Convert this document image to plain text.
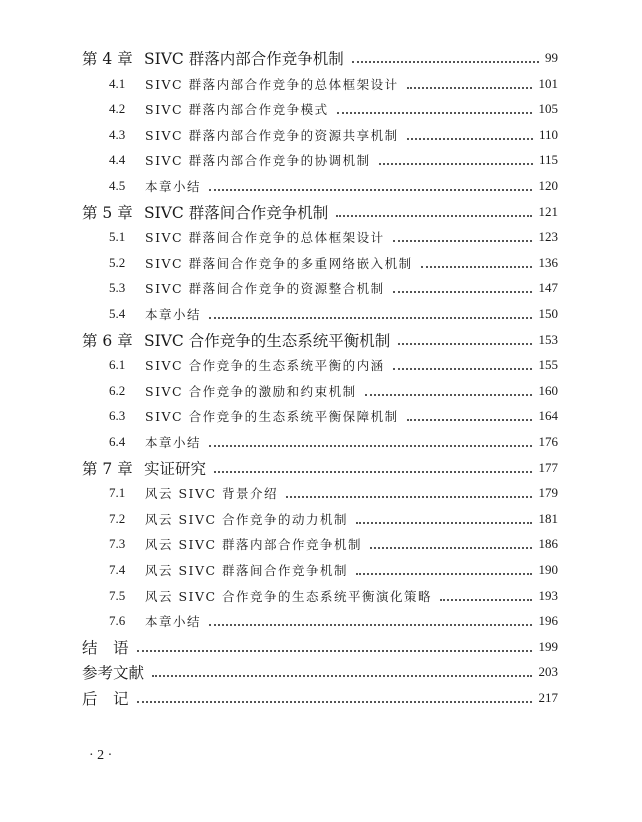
第 4 章 SIVC 群落内部合作竞争机制	99
4.1 SIVC 群落内部合作竞争的总体框架设计	101
4.2 SIVC 群落内部合作竞争模式	105
4.3 SIVC 群落内部合作竞争的资源共享机制	110
4.4 SIVC 群落内部合作竞争的协调机制	115
4.5 本章小结	120
第 5 章 SIVC 群落间合作竞争机制	121
5.1 SIVC 群落间合作竞争的总体框架设计	123
5.2 SIVC 群落间合作竞争的多重网络嵌入机制	136
5.3 SIVC 群落间合作竞争的资源整合机制	147
5.4 本章小结	150
第 6 章 SIVC 合作竞争的生态系统平衡机制	153
6.1 SIVC 合作竞争的生态系统平衡的内涵	155
6.2 SIVC 合作竞争的激励和约束机制	160
6.3 SIVC 合作竞争的生态系统平衡保障机制	164
6.4 本章小结	176
第 7 章 实证研究	177
7.1 风云 SIVC 背景介绍	179
7.2 风云 SIVC 合作竞争的动力机制	181
7.3 风云 SIVC 群落内部合作竞争机制	186
7.4 风云 SIVC 群落间合作竞争机制	190
7.5 风云 SIVC 合作竞争的生态系统平衡演化策略	193
7.6 本章小结	196
结　语	199
参考文献	203
后　记	217
· 2 ·
